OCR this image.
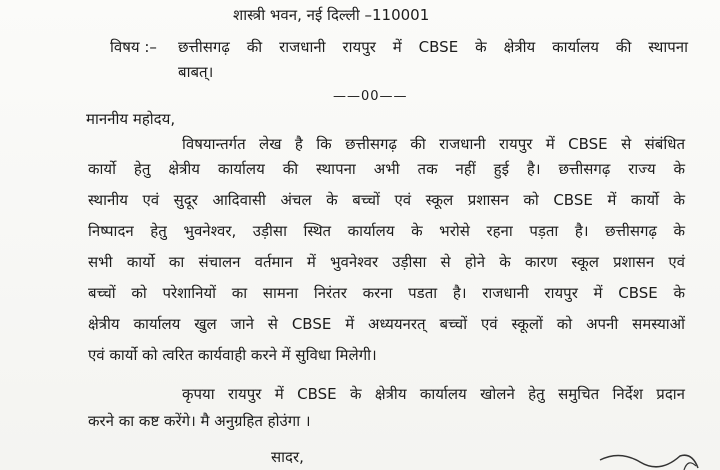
शास्त्री भवन, नई दिल्ली –110001
विषय :– छत्तीसगढ़ की राजधानी रायपुर में CBSE के क्षेत्रीय कार्यालय की स्थापना
बाबत्।
——00——
माननीय महोदय,
विषयान्तर्गत लेख है कि छत्तीसगढ़ की राजधानी रायपुर में CBSE से संबंधित
कार्यो हेतु क्षेत्रीय कार्यालय की स्थापना अभी तक नहीं हुई है। छत्तीसगढ़ राज्य के
स्थानीय एवं सुदूर आदिवासी अंचल के बच्चों एवं स्कूल प्रशासन को CBSE में कार्यो के
निष्पादन हेतु भुवनेश्वर, उड़ीसा स्थित कार्यालय के भरोसे रहना पड़ता है। छत्तीसगढ़ के
सभी कार्यो का संचालन वर्तमान में भुवनेश्वर उड़ीसा से होने के कारण स्कूल प्रशासन एवं
बच्चों को परेशानियों का सामना निरंतर करना पडता है। राजधानी रायपुर में CBSE के
क्षेत्रीय कार्यालय खुल जाने से CBSE में अध्ययनरत् बच्चों एवं स्कूलों को अपनी समस्याओं
एवं कार्यो को त्वरित कार्यवाही करने में सुविधा मिलेगी।
कृपया रायपुर में CBSE के क्षेत्रीय कार्यालय खोलने हेतु समुचित निर्देश प्रदान
करने का कष्ट करेंगे। मै अनुग्रहित होउंगा ।
सादर,
